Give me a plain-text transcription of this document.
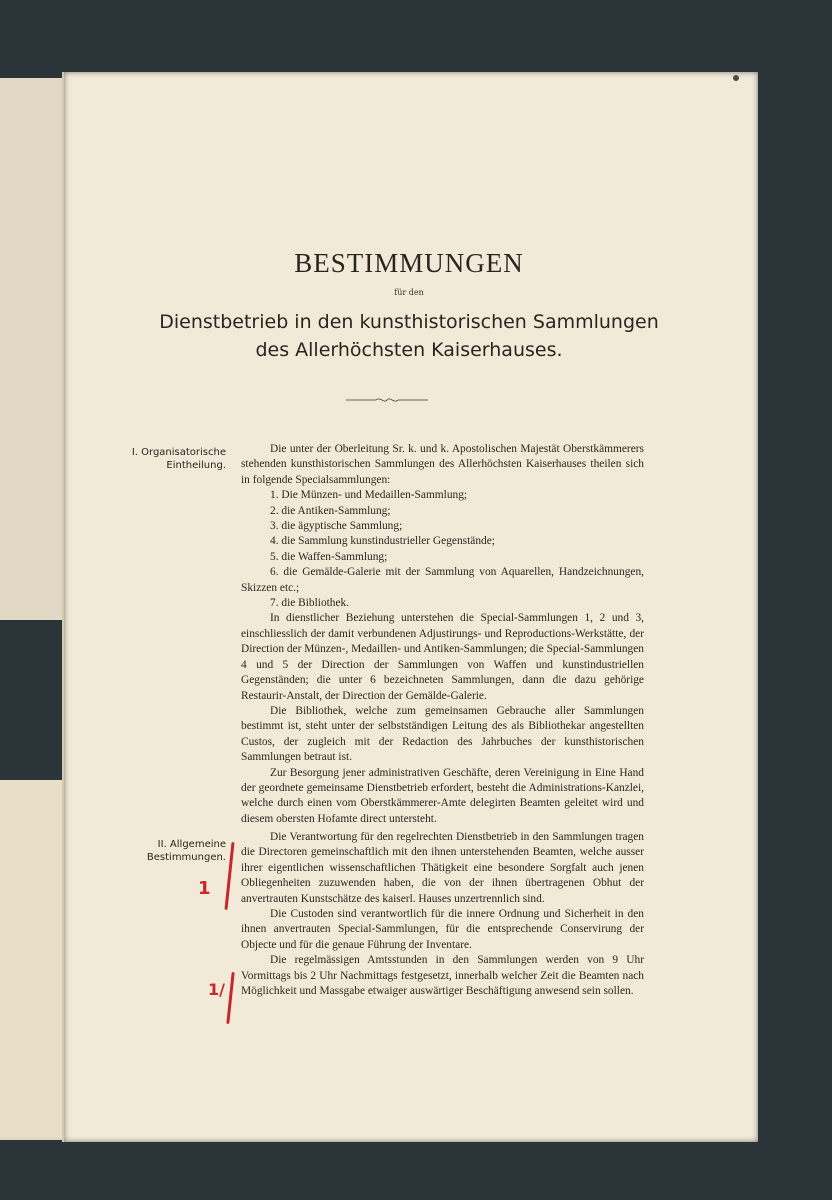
BESTIMMUNGEN
für den
Dienstbetrieb in den kunsthistorischen Sammlungen
des Allerhöchsten Kaiserhauses.
I. Organisatorische
Eintheilung.

Die unter der Oberleitung Sr. k. und k. Apostolischen Majestät Oberstkämmerers stehenden kunsthistorischen Sammlungen des Allerhöchsten Kaiserhauses theilen sich in folgende Specialsammlungen:

1. Die Münzen- und Medaillen-Sammlung;

2. die Antiken-Sammlung;

3. die ägyptische Sammlung;

4. die Sammlung kunstindustrieller Gegenstände;

5. die Waffen-Sammlung;

6. die Gemälde-Galerie mit der Sammlung von Aquarellen, Handzeichnungen, Skizzen etc.;

7. die Bibliothek.

In dienstlicher Beziehung unterstehen die Special-Sammlungen 1, 2 und 3, einschliesslich der damit verbundenen Adjustirungs- und Reproductions-Werkstätte, der Direction der Münzen-, Medaillen- und Antiken-Sammlungen; die Special-Sammlungen 4 und 5 der Direction der Sammlungen von Waffen und kunstindustriellen Gegenständen; die unter 6 bezeichneten Sammlungen, dann die dazu gehörige Restaurir-Anstalt, der Direction der Gemälde-Galerie.

Die Bibliothek, welche zum gemeinsamen Gebrauche aller Sammlungen bestimmt ist, steht unter der selbstständigen Leitung des als Bibliothekar angestellten Custos, der zugleich mit der Redaction des Jahrbuches der kunsthistorischen Sammlungen betraut ist.

Zur Besorgung jener administrativen Geschäfte, deren Vereinigung in Eine Hand der geordnete gemeinsame Dienstbetrieb erfordert, besteht die Administrations-Kanzlei, welche durch einen vom Oberstkämmerer-Amte delegirten Beamten geleitet wird und diesem obersten Hofamte direct untersteht.

II. Allgemeine
Bestimmungen.

Die Verantwortung für den regelrechten Dienstbetrieb in den Sammlungen tragen die Directoren gemeinschaftlich mit den ihnen unterstehenden Beamten, welche ausser ihrer eigentlichen wissenschaftlichen Thätigkeit eine besondere Sorgfalt auch jenen Obliegenheiten zuzuwenden haben, die von der ihnen übertragenen Obhut der anvertrauten Kunstschätze des kaiserl. Hauses unzertrennlich sind.

Die Custoden sind verantwortlich für die innere Ordnung und Sicherheit in den ihnen anvertrauten Special-Sammlungen, für die entsprechende Conservirung der Objecte und für die genaue Führung der Inventare.

Die regelmässigen Amtsstunden in den Sammlungen werden von 9 Uhr Vormittags bis 2 Uhr Nachmittags festgesetzt, innerhalb welcher Zeit die Beamten nach Möglichkeit und Massgabe etwaiger auswärtiger Beschäftigung anwesend sein sollen.

1
1/
